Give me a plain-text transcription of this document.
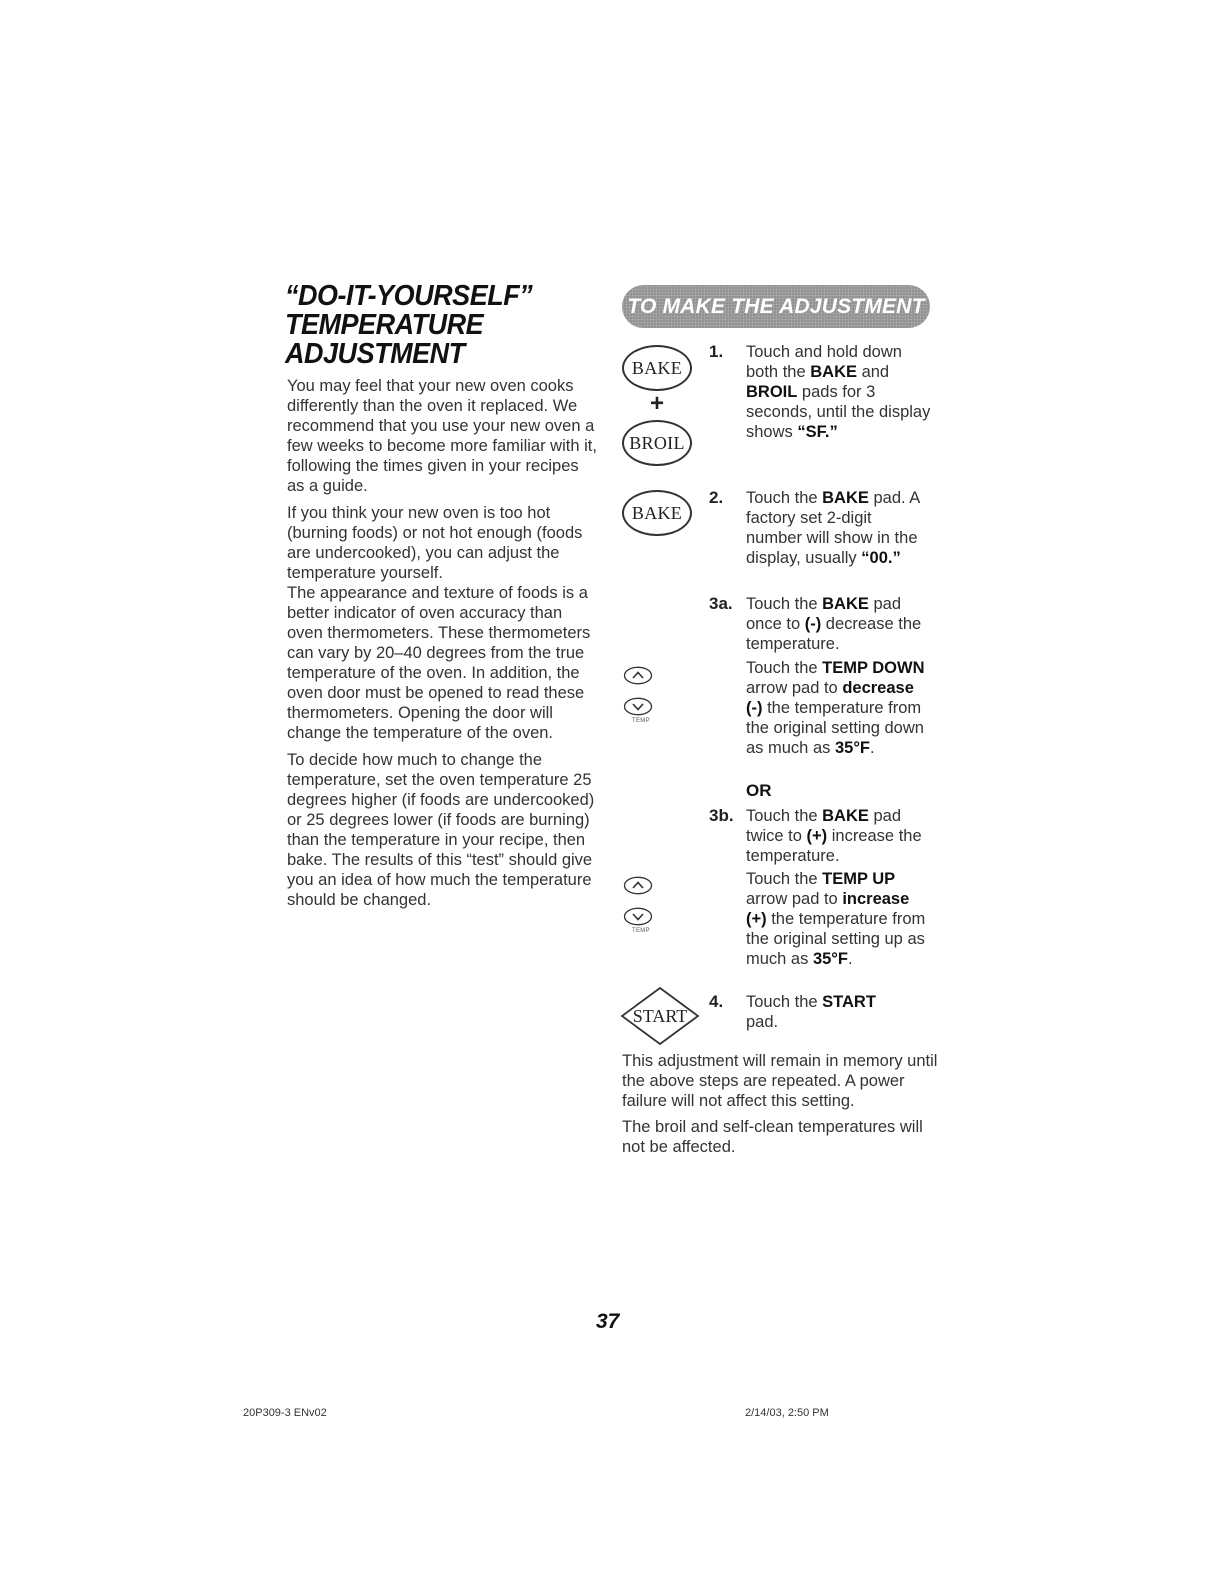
“DO-IT-YOURSELF”
TEMPERATURE
ADJUSTMENT

You may feel that your new oven cooks differently than the oven it replaced. We recommend that you use your new oven a few weeks to become more familiar with it, following the times given in your recipes as a guide.

If you think your new oven is too hot (burning foods) or not hot enough (foods are undercooked), you can adjust the temperature yourself.

The appearance and texture of foods is a better indicator of oven accuracy than oven thermometers. These thermometers can vary by 20–40 degrees from the true temperature of the oven. In addition, the oven door must be opened to read these thermometers. Opening the door will change the temperature of the oven.

To decide how much to change the temperature, set the oven temperature 25 degrees higher (if foods are undercooked) or 25 degrees lower (if foods are burning) than the temperature in your recipe, then bake. The results of this “test” should give you an idea of how much the temperature should be changed.

TO MAKE THE ADJUSTMENT
BAKE
+
BROIL
1. Touch and hold down both the BAKE and BROIL pads for 3 seconds, until the display shows “SF.”
BAKE
2. Touch the BAKE pad. A factory set 2-digit number will show in the display, usually “00.”
3a. Touch the BAKE pad once to (-) decrease the temperature.
TEMP
Touch the TEMP DOWN arrow pad to decrease (-) the temperature from the original setting down as much as 35°F.
OR
3b. Touch the BAKE pad twice to (+) increase the temperature.
TEMP
Touch the TEMP UP arrow pad to increase (+) the temperature from the original setting up as much as 35°F.
START
4. Touch the START pad.

This adjustment will remain in memory until the above steps are repeated. A power failure will not affect this setting.

The broil and self-clean temperatures will not be affected.

37
20P309-3 ENv02	2/14/03, 2:50 PM
